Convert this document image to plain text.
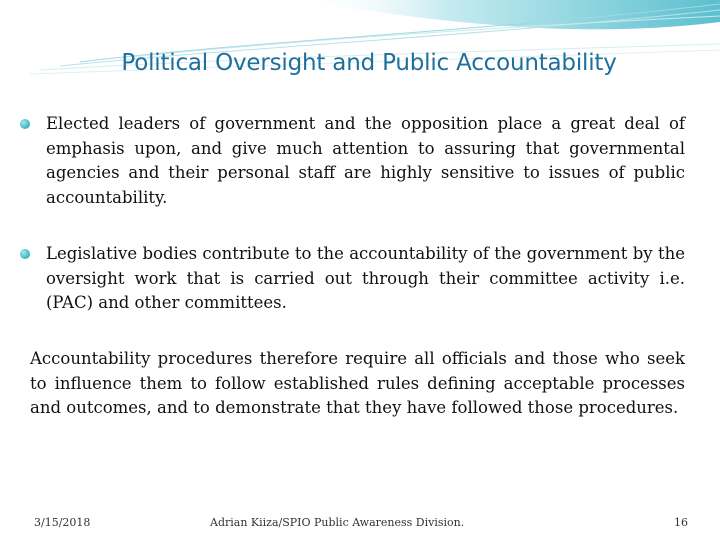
Political Oversight and Public Accountability
Elected leaders of government and the opposition place a great deal of emphasis upon, and give much attention to assuring that governmental agencies and their personal staff are highly sensitive to issues of public accountability.
Legislative bodies contribute to the accountability of the government by the oversight work that is carried out through their committee activity i.e. (PAC) and other committees.
Accountability procedures therefore require all officials and those who seek to influence them to follow established rules defining acceptable processes and outcomes, and to demonstrate that they have followed those procedures.
3/15/2018	Adrian Kiiza/SPIO Public Awareness Division.	16
